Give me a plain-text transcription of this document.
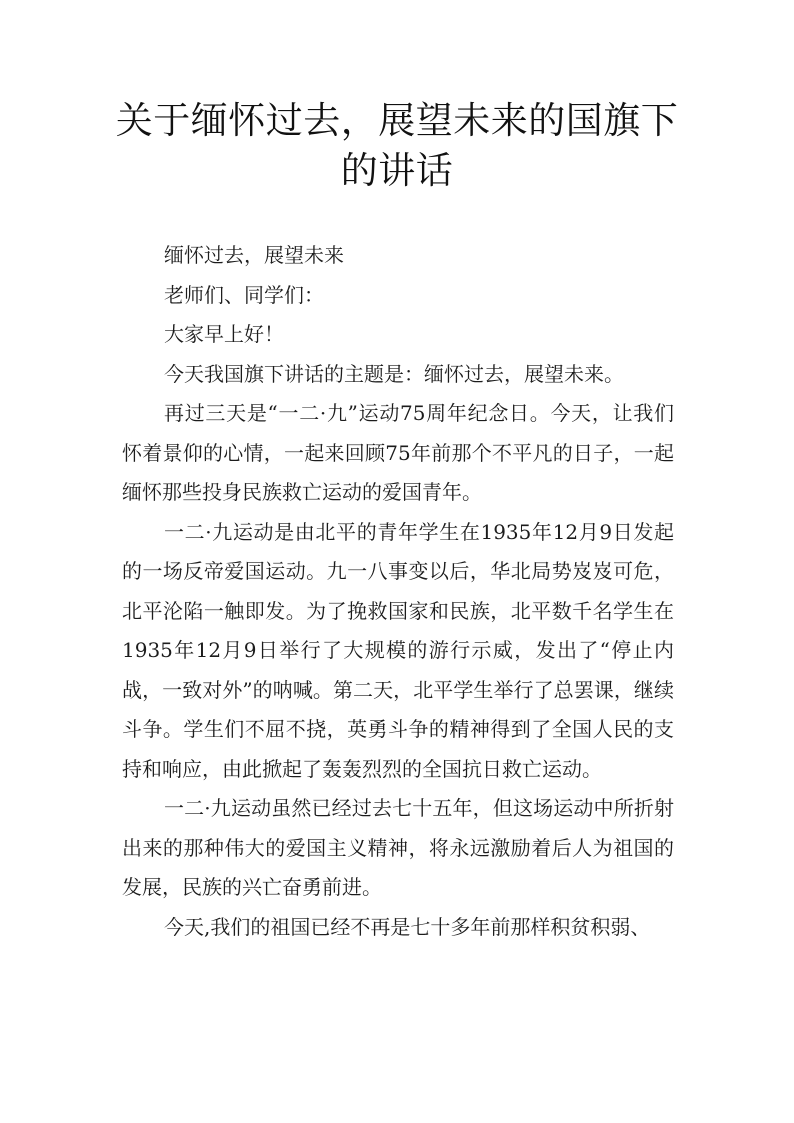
关于缅怀过去，展望未来的国旗下的讲话

缅怀过去，展望未来

老师们、同学们：

大家早上好！

今天我国旗下讲话的主题是：缅怀过去，展望未来。

再过三天是“一二·九”运动75周年纪念日。今天，让我们怀着景仰的心情，一起来回顾75年前那个不平凡的日子，一起缅怀那些投身民族救亡运动的爱国青年。

一二·九运动是由北平的青年学生在1935年12月9日发起的一场反帝爱国运动。九一八事变以后，华北局势岌岌可危，北平沦陷一触即发。为了挽救国家和民族，北平数千名学生在1935年12月9日举行了大规模的游行示威，发出了“停止内战，一致对外”的呐喊。第二天，北平学生举行了总罢课，继续斗争。学生们不屈不挠，英勇斗争的精神得到了全国人民的支持和响应，由此掀起了轰轰烈烈的全国抗日救亡运动。

一二·九运动虽然已经过去七十五年，但这场运动中所折射出来的那种伟大的爱国主义精神，将永远激励着后人为祖国的发展，民族的兴亡奋勇前进。

今天,我们的祖国已经不再是七十多年前那样积贫积弱、
